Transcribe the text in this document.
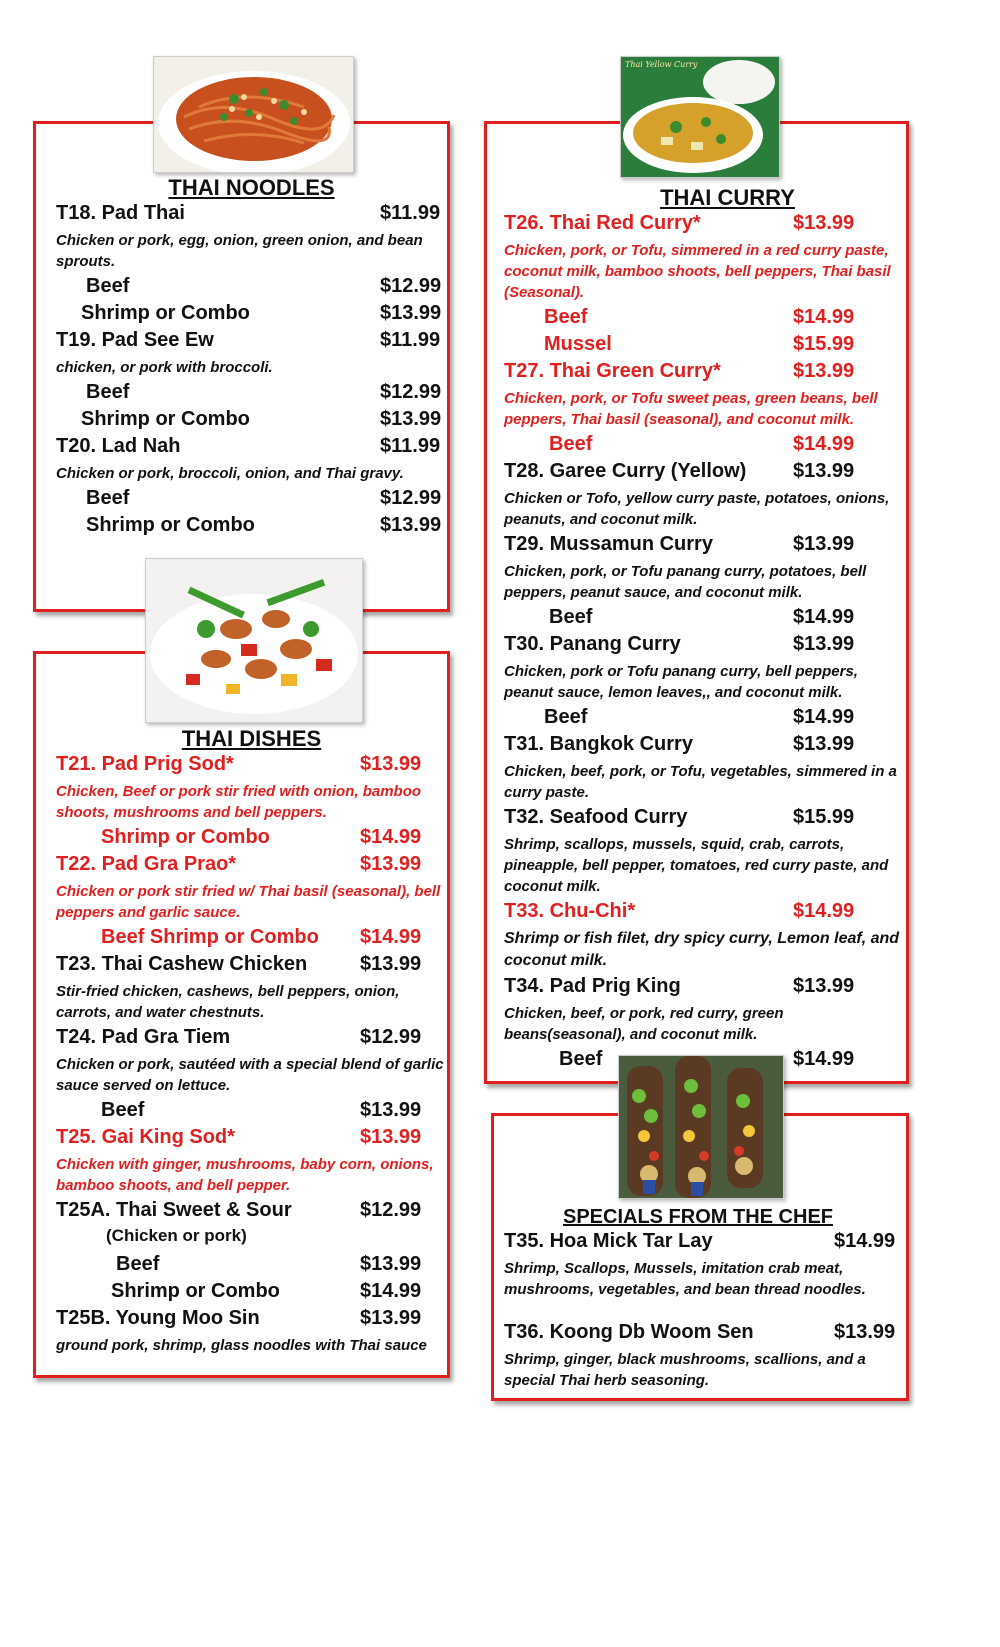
THAI NOODLES
T18. Pad Thai	$11.99
Chicken or pork, egg, onion, green onion, and bean sprouts.
Beef	$12.99
Shrimp or Combo	$13.99
T19. Pad See Ew	$11.99
chicken, or pork with broccoli.
Beef	$12.99
Shrimp or Combo	$13.99
T20. Lad Nah	$11.99
Chicken or pork, broccoli, onion, and Thai gravy.
Beef	$12.99
Shrimp or Combo	$13.99
THAI DISHES
T21. Pad Prig Sod*	$13.99
Chicken, Beef or pork stir fried with onion, bamboo shoots, mushrooms and bell peppers.
Shrimp or Combo	$14.99
T22. Pad Gra Prao*	$13.99
Chicken or pork stir fried w/ Thai basil (seasonal), bell peppers and garlic sauce.
Beef Shrimp or Combo $14.99
T23. Thai Cashew Chicken	$13.99
Stir-fried chicken, cashews, bell peppers, onion, carrots, and water chestnuts.
T24. Pad Gra Tiem	$12.99
Chicken or pork, sautéed with a special blend of garlic sauce served on lettuce.
Beef	$13.99
T25. Gai King Sod*	$13.99
Chicken with ginger, mushrooms, baby corn, onions, bamboo shoots, and bell pepper.
T25A. Thai Sweet & Sour	$12.99
(Chicken or pork)
Beef	$13.99
Shrimp or Combo	$14.99
T25B. Young Moo Sin	$13.99
ground pork, shrimp, glass noodles with Thai sauce
Thai Yellow Curry
THAI CURRY
T26. Thai Red Curry*	$13.99
Chicken, pork, or Tofu, simmered in a red curry paste, coconut milk, bamboo shoots, bell peppers, Thai basil (Seasonal).
Beef	$14.99
Mussel	$15.99
T27. Thai Green Curry*	$13.99
Chicken, pork, or Tofu sweet peas, green beans, bell peppers, Thai basil (seasonal), and coconut milk.
Beef	$14.99
T28. Garee Curry (Yellow) $13.99
Chicken or Tofo, yellow curry paste, potatoes, onions, peanuts, and coconut milk.
T29. Mussamun Curry	$13.99
Chicken, pork, or Tofu panang curry, potatoes, bell peppers, peanut sauce, and coconut milk.
Beef	$14.99
T30. Panang Curry	$13.99
Chicken, pork or Tofu panang curry, bell peppers, peanut sauce, lemon leaves,, and coconut milk.
Beef	$14.99
T31. Bangkok Curry	$13.99
Chicken, beef, pork, or Tofu, vegetables, simmered in a curry paste.
T32. Seafood Curry	$15.99
Shrimp, scallops, mussels, squid, crab, carrots, pineapple, bell pepper, tomatoes, red curry paste, and coconut milk.
T33. Chu-Chi*	$14.99
Shrimp or fish filet, dry spicy curry, Lemon leaf, and coconut milk.
T34. Pad Prig King	$13.99
Chicken, beef, or pork, red curry, green beans(seasonal), and coconut milk.
Beef	$14.99
SPECIALS FROM THE CHEF
T35. Hoa Mick Tar Lay	$14.99
Shrimp, Scallops, Mussels, imitation crab meat, mushrooms, vegetables, and bean thread noodles.
T36. Koong Db Woom Sen	$13.99
Shrimp, ginger, black mushrooms, scallions, and a special Thai herb seasoning.
